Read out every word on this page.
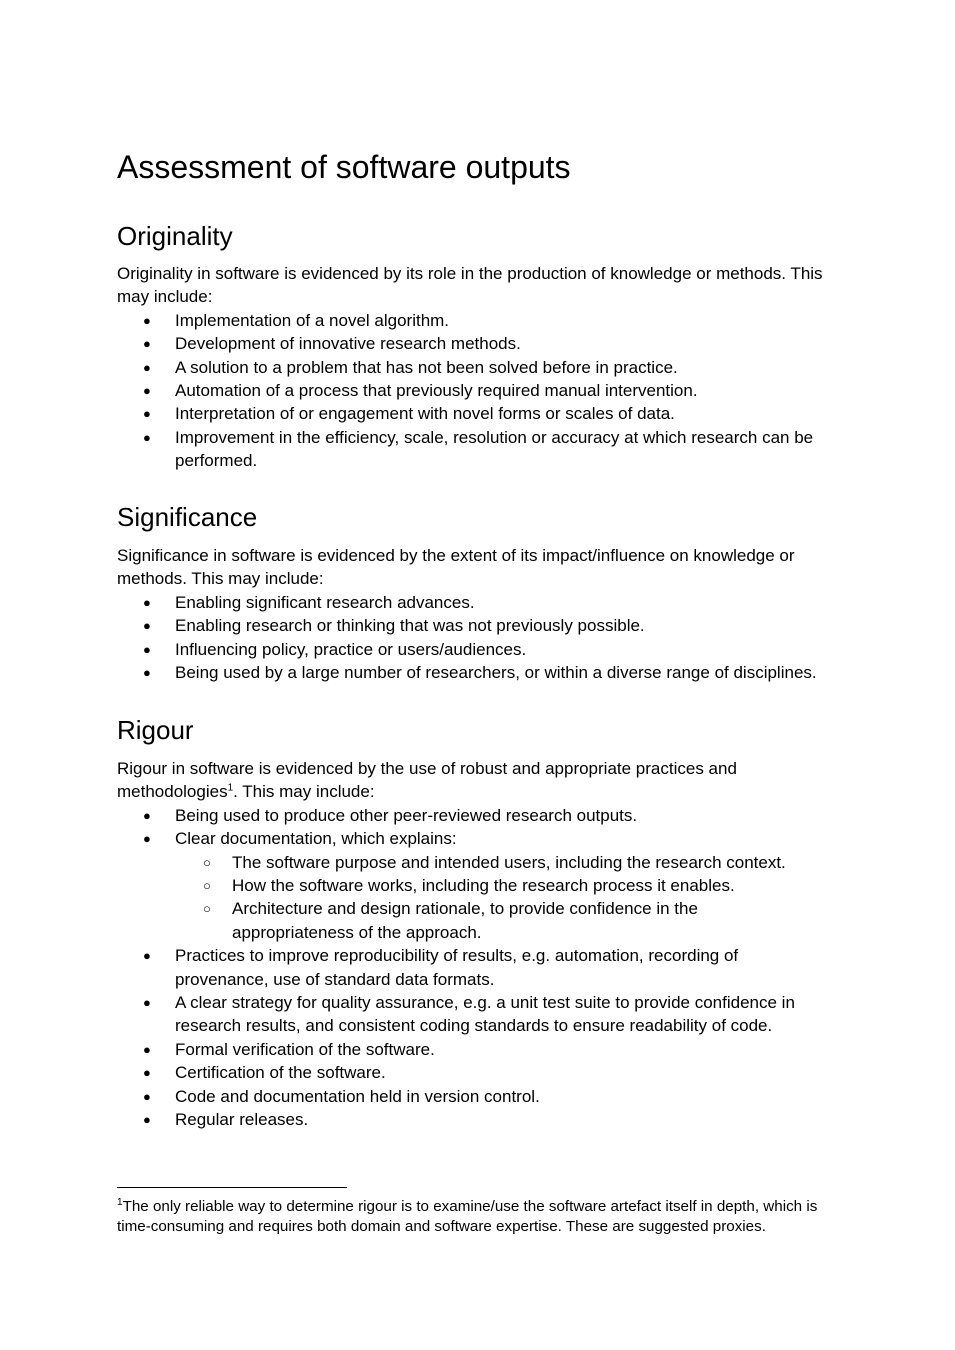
Assessment of software outputs
Originality

Originality in software is evidenced by its role in the production of knowledge or methods. This may include:

● Implementation of a novel algorithm.
● Development of innovative research methods.
● A solution to a problem that has not been solved before in practice.
● Automation of a process that previously required manual intervention.
● Interpretation of or engagement with novel forms or scales of data.
● Improvement in the efficiency, scale, resolution or accuracy at which research can be performed.
Significance

Significance in software is evidenced by the extent of its impact/influence on knowledge or methods. This may include:

● Enabling significant research advances.
● Enabling research or thinking that was not previously possible.
● Influencing policy, practice or users/audiences.
● Being used by a large number of researchers, or within a diverse range of disciplines.
Rigour

Rigour in software is evidenced by the use of robust and appropriate practices and methodologies$^1$. This may include:

● Being used to produce other peer-reviewed research outputs.
● Clear documentation, which explains:
○ The software purpose and intended users, including the research context.
○ How the software works, including the research process it enables.
○ Architecture and design rationale, to provide confidence in the appropriateness of the approach.
● Practices to improve reproducibility of results, e.g. automation, recording of provenance, use of standard data formats.
● A clear strategy for quality assurance, e.g. a unit test suite to provide confidence in research results, and consistent coding standards to ensure readability of code.
● Formal verification of the software.
● Certification of the software.
● Code and documentation held in version control.
● Regular releases.
$^1$The only reliable way to determine rigour is to examine/use the software artefact itself in depth, which is time-consuming and requires both domain and software expertise. These are suggested proxies.
